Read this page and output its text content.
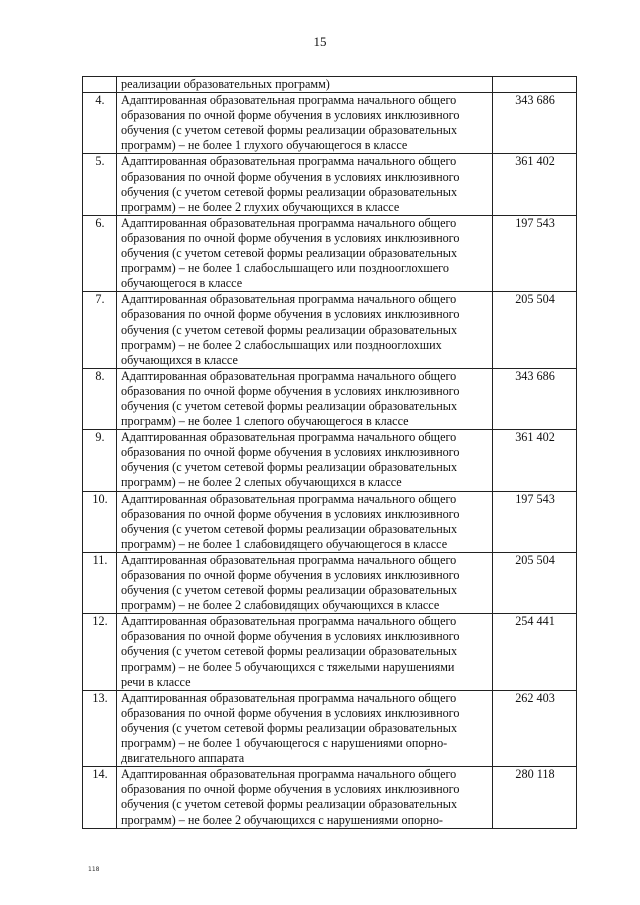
15
	реализации образовательных программ)	
4.	Адаптированная образовательная программа начального общего
образования по очной форме обучения в условиях инклюзивного
обучения (с учетом сетевой формы реализации образовательных
программ) – не более 1 глухого обучающегося в классе	343 686
5.	Адаптированная образовательная программа начального общего
образования по очной форме обучения в условиях инклюзивного
обучения (с учетом сетевой формы реализации образовательных
программ) – не более 2 глухих обучающихся в классе	361 402
6.	Адаптированная образовательная программа начального общего
образования по очной форме обучения в условиях инклюзивного
обучения (с учетом сетевой формы реализации образовательных
программ) – не более 1 слабослышащего или позднооглохшего
обучающегося в классе	197 543
7.	Адаптированная образовательная программа начального общего
образования по очной форме обучения в условиях инклюзивного
обучения (с учетом сетевой формы реализации образовательных
программ) – не более 2 слабослышащих или позднооглохших
обучающихся в классе	205 504
8.	Адаптированная образовательная программа начального общего
образования по очной форме обучения в условиях инклюзивного
обучения (с учетом сетевой формы реализации образовательных
программ) – не более 1 слепого обучающегося в классе	343 686
9.	Адаптированная образовательная программа начального общего
образования по очной форме обучения в условиях инклюзивного
обучения (с учетом сетевой формы реализации образовательных
программ) – не более 2 слепых обучающихся в классе	361 402
10.	Адаптированная образовательная программа начального общего
образования по очной форме обучения в условиях инклюзивного
обучения (с учетом сетевой формы реализации образовательных
программ) – не более 1 слабовидящего обучающегося в классе	197 543
11.	Адаптированная образовательная программа начального общего
образования по очной форме обучения в условиях инклюзивного
обучения (с учетом сетевой формы реализации образовательных
программ) – не более 2 слабовидящих обучающихся в классе	205 504
12.	Адаптированная образовательная программа начального общего
образования по очной форме обучения в условиях инклюзивного
обучения (с учетом сетевой формы реализации образовательных
программ) – не более 5 обучающихся с тяжелыми нарушениями
речи в классе	254 441
13.	Адаптированная образовательная программа начального общего
образования по очной форме обучения в условиях инклюзивного
обучения (с учетом сетевой формы реализации образовательных
программ) – не более 1 обучающегося с нарушениями опорно-
двигательного аппарата	262 403
14.	Адаптированная образовательная программа начального общего
образования по очной форме обучения в условиях инклюзивного
обучения (с учетом сетевой формы реализации образовательных
программ) – не более 2 обучающихся с нарушениями опорно-	280 118
118
